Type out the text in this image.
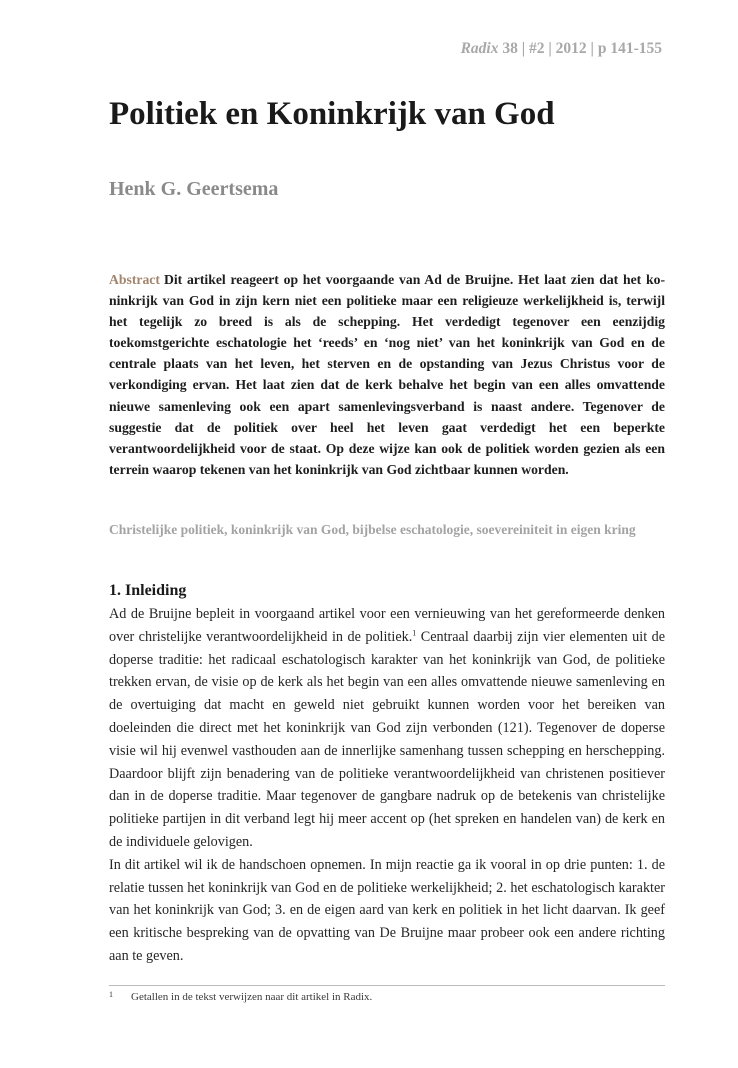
Radix 38 | #2 | 2012 | p 141-155
Politiek en Koninkrijk van God
Henk G. Geertsema
Abstract Dit artikel reageert op het voorgaande van Ad de Bruijne. Het laat zien dat het koninkrijk van God in zijn kern niet een politieke maar een religieuze werkelijkheid is, terwijl het tegelijk zo breed is als de schepping. Het verdedigt tegenover een eenzijdig toekomstgerichte eschatologie het ‘reeds’ en ‘nog niet’ van het koninkrijk van God en de centrale plaats van het leven, het sterven en de opstanding van Jezus Christus voor de verkondiging ervan. Het laat zien dat de kerk behalve het begin van een alles omvattende nieuwe samenleving ook een apart samenlevingsverband is naast andere. Tegenover de suggestie dat de politiek over heel het leven gaat verdedigt het een beperkte verantwoordelijkheid voor de staat. Op deze wijze kan ook de politiek worden gezien als een terrein waarop tekenen van het koninkrijk van God zichtbaar kunnen worden.
Christelijke politiek, koninkrijk van God, bijbelse eschatologie, soevereiniteit in eigen kring
1. Inleiding

Ad de Bruijne bepleit in voorgaand artikel voor een vernieuwing van het gereformeerde denken over christelijke verantwoordelijkheid in de politiek.$^1$ Centraal daarbij zijn vier elementen uit de doperse traditie: het radicaal eschatologisch karakter van het koninkrijk van God, de politieke trekken ervan, de visie op de kerk als het begin van een alles omvattende nieuwe samenleving en de overtuiging dat macht en geweld niet gebruikt kunnen worden voor het bereiken van doeleinden die direct met het koninkrijk van God zijn verbonden (121). Tegenover de doperse visie wil hij evenwel vasthouden aan de innerlijke samenhang tussen schepping en herschepping. Daardoor blijft zijn benadering van de politieke verantwoordelijkheid van christenen positiever dan in de doperse traditie. Maar tegenover de gangbare nadruk op de betekenis van christelijke politieke partijen in dit verband legt hij meer accent op (het spreken en handelen van) de kerk en de individuele gelovigen.

In dit artikel wil ik de handschoen opnemen. In mijn reactie ga ik vooral in op drie punten: 1. de relatie tussen het koninkrijk van God en de politieke werkelijkheid; 2. het eschatologisch karakter van het koninkrijk van God; 3. en de eigen aard van kerk en politiek in het licht daarvan. Ik geef een kritische bespreking van de opvatting van De Bruijne maar probeer ook een andere richting aan te geven.

1 Getallen in de tekst verwijzen naar dit artikel in Radix.
